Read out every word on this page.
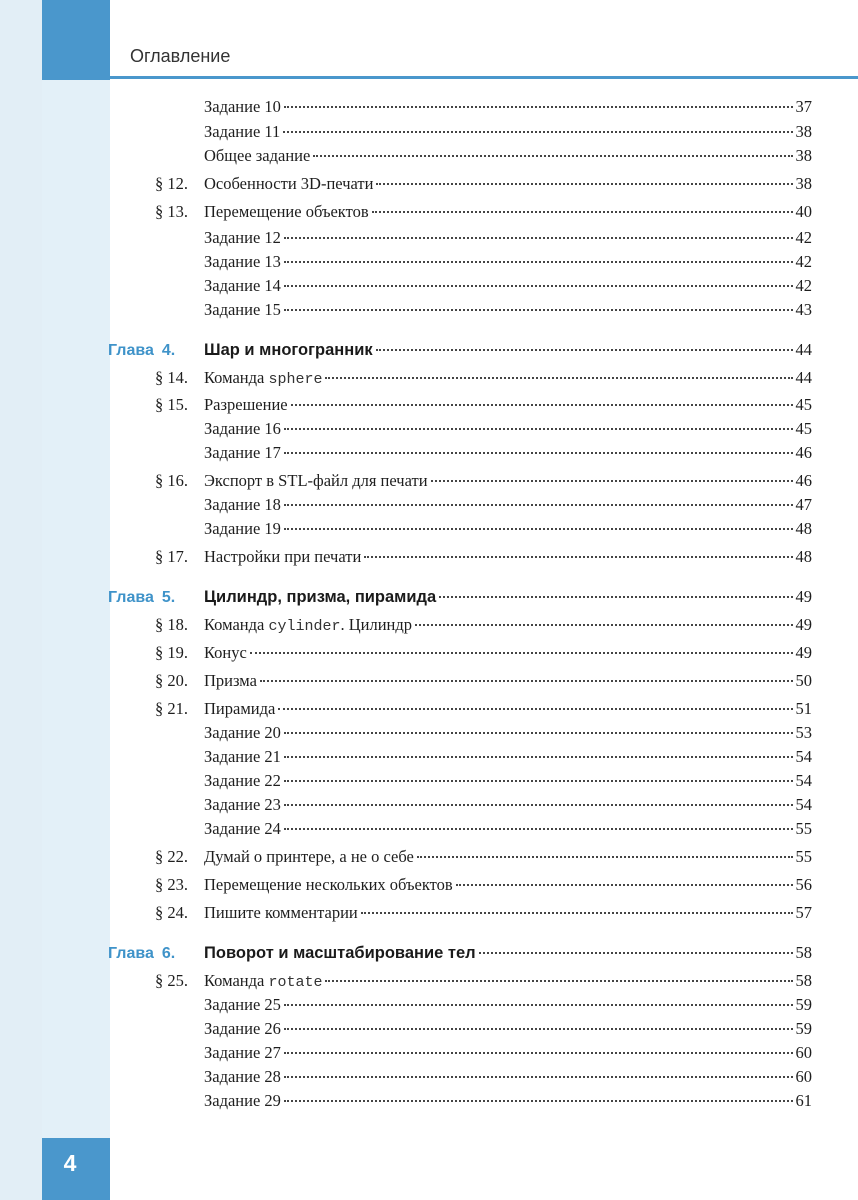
Оглавление
Задание 10	37
Задание 11	38
Общее задание	38
§ 12. Особенности 3D-печати	38
§ 13. Перемещение объектов	40
Задание 12	42
Задание 13	42
Задание 14	42
Задание 15	43
Глава 4.	Шар и многогранник	44
§ 14. Команда sphere	44
§ 15. Разрешение	45
Задание 16	45
Задание 17	46
§ 16. Экспорт в STL-файл для печати	46
Задание 18	47
Задание 19	48
§ 17. Настройки при печати	48
Глава 5.	Цилиндр, призма, пирамида	49
§ 18. Команда cylinder. Цилиндр	49
§ 19. Конус	49
§ 20. Призма	50
§ 21. Пирамида	51
Задание 20	53
Задание 21	54
Задание 22	54
Задание 23	54
Задание 24	55
§ 22. Думай о принтере, а не о себе	55
§ 23. Перемещение нескольких объектов	56
§ 24. Пишите комментарии	57
Глава 6.	Поворот и масштабирование тел	58
§ 25. Команда rotate	58
Задание 25	59
Задание 26	59
Задание 27	60
Задание 28	60
Задание 29	61
4
